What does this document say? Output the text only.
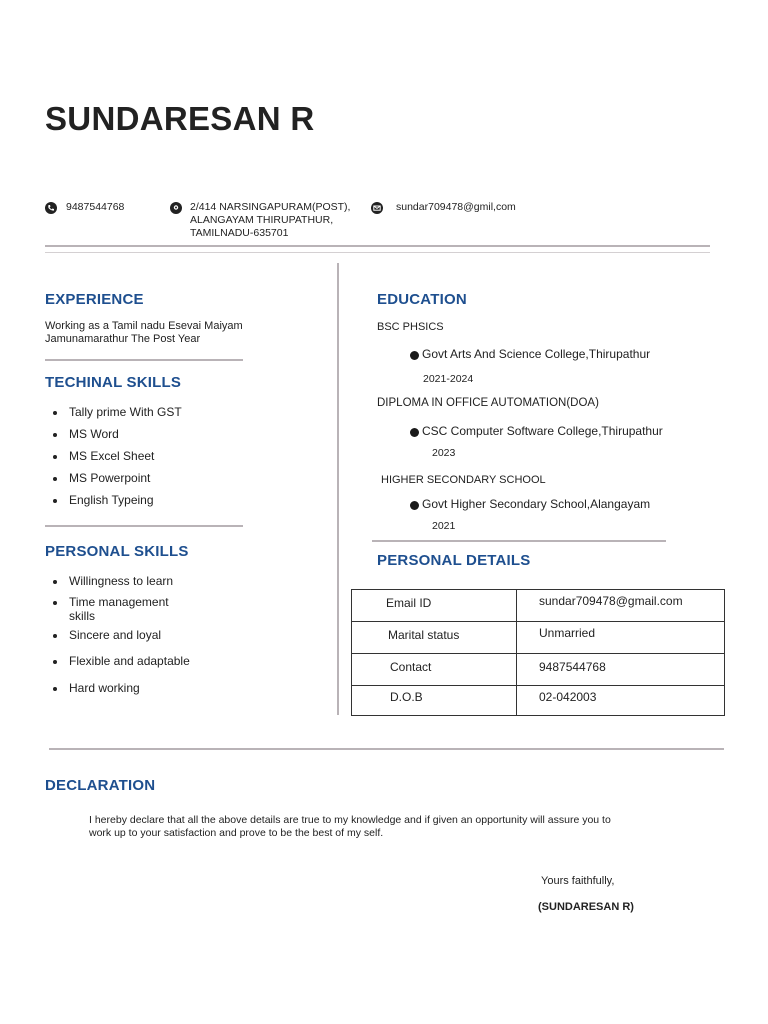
SUNDARESAN R
9487544768	2/414 NARSINGAPURAM(POST),
ALANGAYAM THIRUPATHUR,
TAMILNADU-635701
sundar709478@gmil,com
EXPERIENCE
Working as a Tamil nadu Esevai Maiyam
Jamunamarathur The Post Year
TECHINAL SKILLS
Tally prime With GST
MS Word
MS Excel Sheet
MS Powerpoint
English Typeing
PERSONAL SKILLS
Willingness to learn
Time management
skills
Sincere and loyal
Flexible and adaptable
Hard working
EDUCATION
BSC PHSICS
Govt Arts And Science College,Thirupathur
2021-2024
DIPLOMA IN OFFICE AUTOMATION(DOA)
CSC Computer Software College,Thirupathur
2023
HIGHER SECONDARY SCHOOL
Govt Higher Secondary School,Alangayam
2021
PERSONAL DETAILS
Email ID	sundar709478@gmail.com
Marital status	Unmarried
Contact	9487544768
D.O.B	02-042003
DECLARATION
I hereby declare that all the above details are true to my knowledge and if given an opportunity will assure you to
work up to your satisfaction and prove to be the best of my self.
Yours faithfully,
(SUNDARESAN R)
